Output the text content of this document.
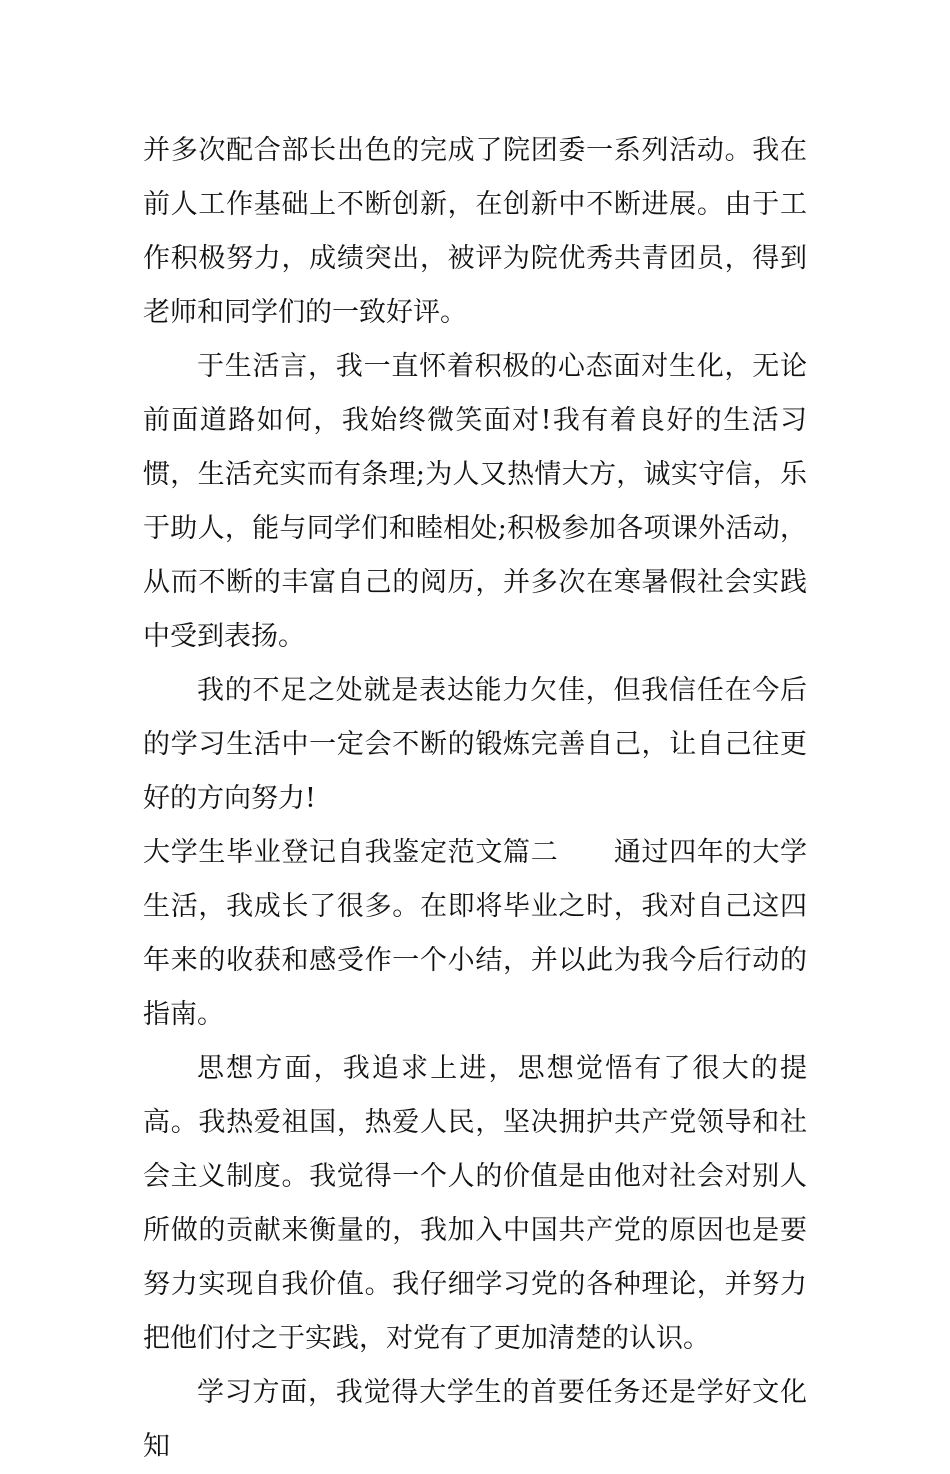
并多次配合部长出色的完成了院团委一系列活动。我在前人工作基础上不断创新，在创新中不断进展。由于工作积极努力，成绩突出，被评为院优秀共青团员，得到老师和同学们的一致好评。

于生活言，我一直怀着积极的心态面对生化，无论前面道路如何，我始终微笑面对!我有着良好的生活习惯，生活充实而有条理;为人又热情大方，诚实守信，乐于助人，能与同学们和睦相处;积极参加各项课外活动，从而不断的丰富自己的阅历，并多次在寒暑假社会实践中受到表扬。

我的不足之处就是表达能力欠佳，但我信任在今后的学习生活中一定会不断的锻炼完善自己，让自己往更好的方向努力!

大学生毕业登记自我鉴定范文篇二　　 通过四年的大学生活，我成长了很多。在即将毕业之时，我对自己这四年来的收获和感受作一个小结，并以此为我今后行动的指南。

思想方面，我追求上进，思想觉悟有了很大的提高。我热爱祖国，热爱人民，坚决拥护共产党领导和社会主义制度。我觉得一个人的价值是由他对社会对别人所做的贡献来衡量的，我加入中国共产党的原因也是要努力实现自我价值。我仔细学习党的各种理论，并努力把他们付之于实践，对党有了更加清楚的认识。

学习方面，我觉得大学生的首要任务还是学好文化知
